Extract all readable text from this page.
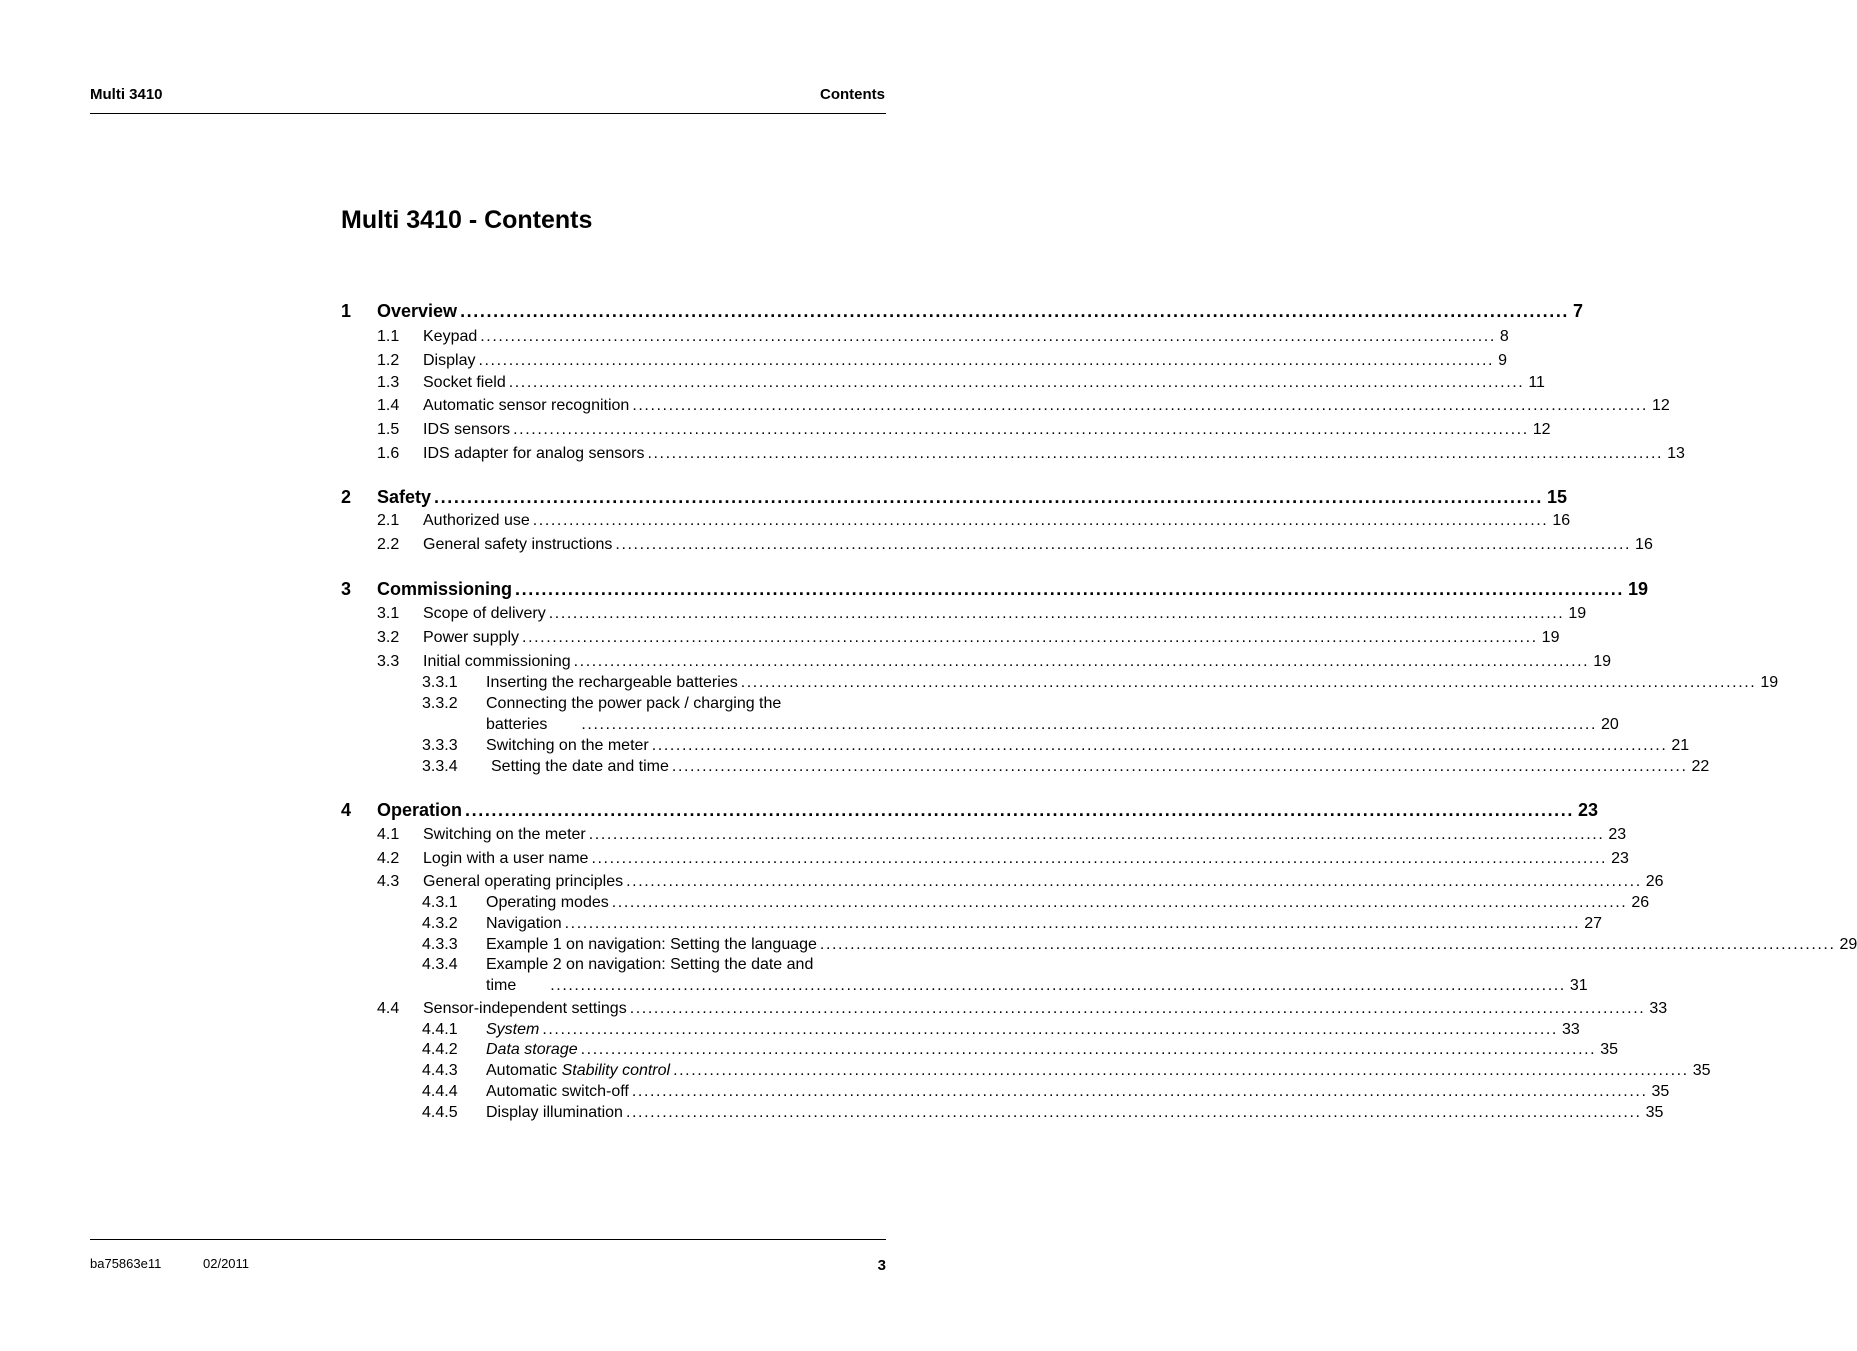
Multi 3410	Contents
Multi 3410 - Contents
1 Overview ........................................................................................................................................................................ 7
1.1 Keypad ........................................................................................................................................................................ 8
1.2 Display ........................................................................................................................................................................ 9
1.3 Socket field ........................................................................................................................................................................ 11
1.4 Automatic sensor recognition ........................................................................................................................................................................ 12
1.5 IDS sensors ........................................................................................................................................................................ 12
1.6 IDS adapter for analog sensors ........................................................................................................................................................................ 13
2 Safety ........................................................................................................................................................................ 15
2.1 Authorized use ........................................................................................................................................................................ 16
2.2 General safety instructions ........................................................................................................................................................................ 16
3 Commissioning ........................................................................................................................................................................ 19
3.1 Scope of delivery ........................................................................................................................................................................ 19
3.2 Power supply ........................................................................................................................................................................ 19
3.3 Initial commissioning ........................................................................................................................................................................ 19
3.3.1 Inserting the rechargeable batteries ........................................................................................................................................................................ 19
3.3.2 Connecting the power pack / charging the
batteries ........................................................................................................................................................................ 20
3.3.3 Switching on the meter ........................................................................................................................................................................ 21
3.3.4 Setting the date and time ........................................................................................................................................................................ 22
4 Operation ........................................................................................................................................................................ 23
4.1 Switching on the meter ........................................................................................................................................................................ 23
4.2 Login with a user name ........................................................................................................................................................................ 23
4.3 General operating principles ........................................................................................................................................................................ 26
4.3.1 Operating modes ........................................................................................................................................................................ 26
4.3.2 Navigation ........................................................................................................................................................................ 27
4.3.3 Example 1 on navigation: Setting the language ........................................................................................................................................................................ 29
4.3.4 Example 2 on navigation: Setting the date and
time ........................................................................................................................................................................ 31
4.4 Sensor-independent settings ........................................................................................................................................................................ 33
4.4.1 System ........................................................................................................................................................................ 33
4.4.2 Data storage ........................................................................................................................................................................ 35
4.4.3 Automatic Stability control ........................................................................................................................................................................ 35
4.4.4 Automatic switch-off ........................................................................................................................................................................ 35
4.4.5 Display illumination ........................................................................................................................................................................ 35
ba75863e11	02/2011	3
